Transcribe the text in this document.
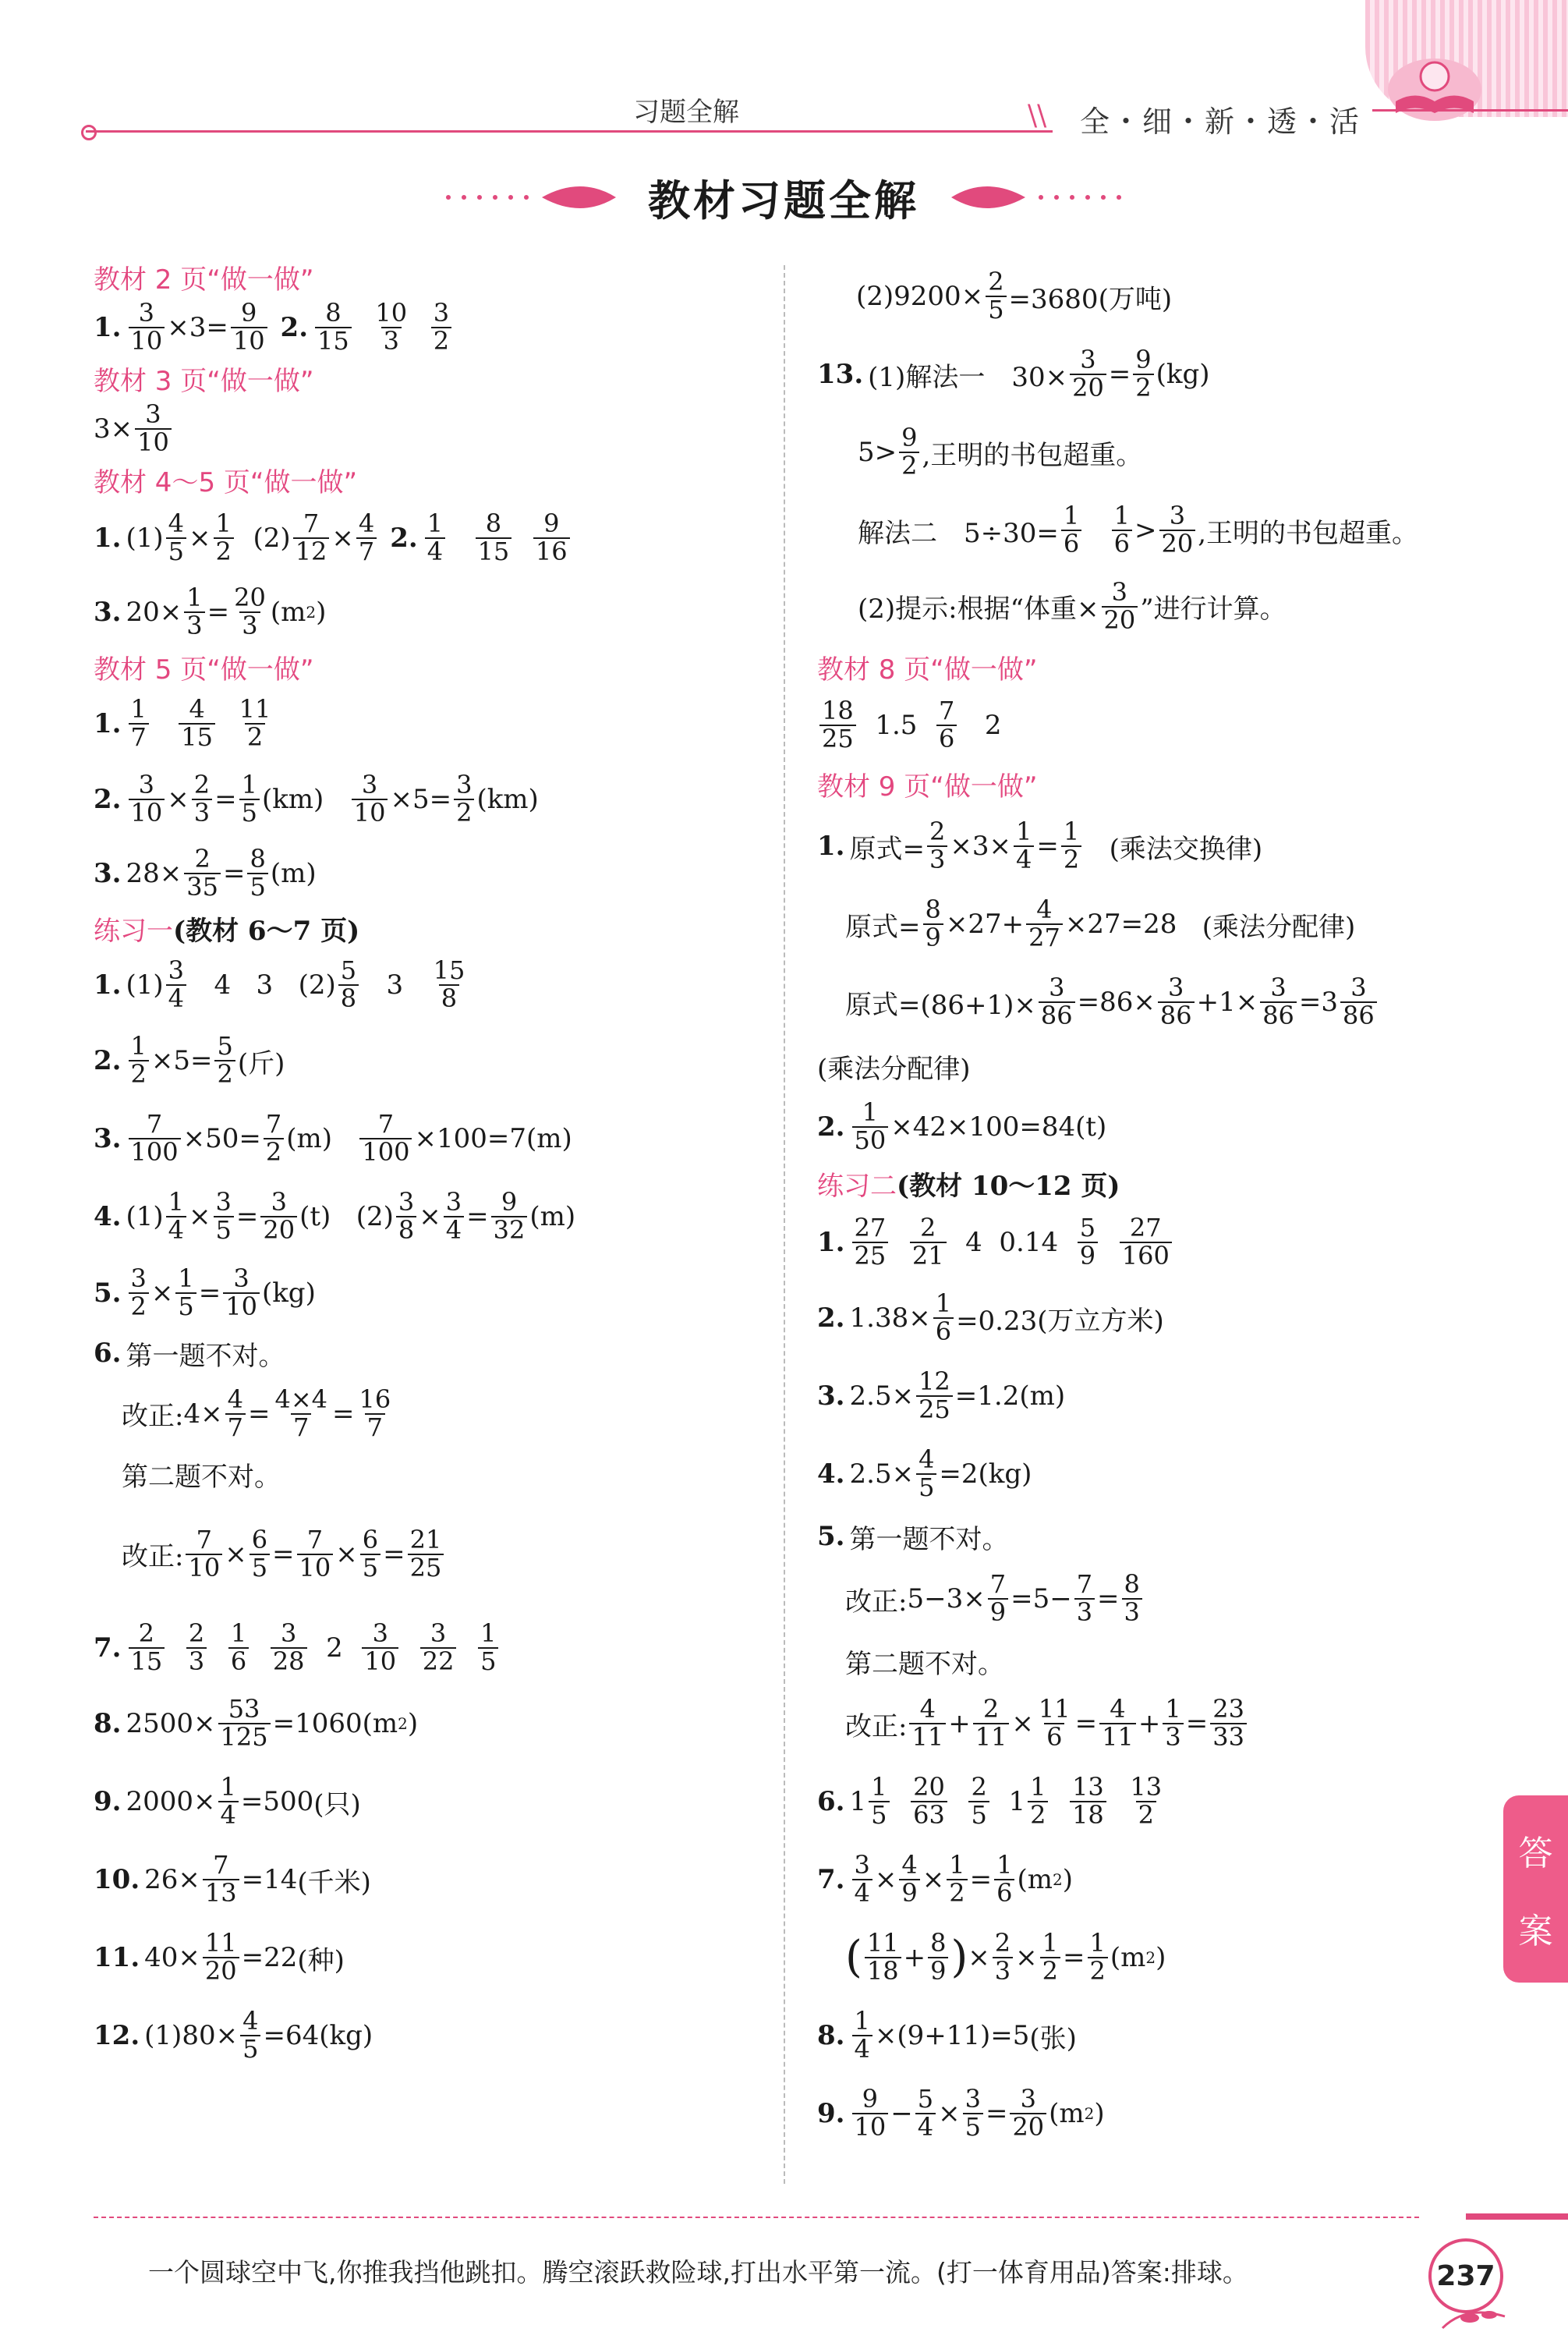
习题全解	\\ 全・细・新・透・活
教材习题全解
教材 2 页“做一做”
1. $\frac{3}{10} \times 3= \frac{9}{10} 2$. $\frac{8}{15}$
$\frac{10}{3}$
$\frac{3}{2}$
教材 3 页“做一做”
$3\times \frac{3}{10}$
教材 4～5 页“做一做”
1. $(1) \frac{4}{5} \times \frac{1}{2}$
$(2) \frac{7}{12} \times \frac{4}{7} 2$. $\frac{1}{4}$
$\frac{8}{15}$
$\frac{9}{16}$
3. $20\times \frac{1}{3} = \frac{20}{3} (m$ 2 )
教材 5 页“做一做”
1. $\frac{1}{7}$
$\frac{4}{15}$
$\frac{11}{2}$
2. $\frac{3}{10} \times \frac{2}{3} = \frac{1}{5} (km)$
$\frac{3}{10} \times 5= \frac{3}{2} (km)$
3. $28\times \frac{2}{35} = \frac{8}{5} (m)$
练习一 (教材 6～7 页)
1. $(1) \frac{3}{4} 4$   3 $(2) \frac{5}{8} 3 \frac{15}{8}$
2. $\frac{1}{2} \times 5= \frac{5}{2}$ (斤)
3. $\frac{7}{100} \times 50= \frac{7}{2} (m)$
$\frac{7}{100} \times 100=7$ (m)
4. $(1) \frac{1}{4} \times \frac{3}{5} = \frac{3}{20} (t)$
$(2) \frac{3}{8} \times \frac{3}{4} = \frac{9}{32} (m)$
5. $\frac{3}{2} \times \frac{1}{5} = \frac{3}{10} (kg)$
6. 第一题不对。
改正: $4\times \frac{4}{7} = \frac{4\times 4}{7} = \frac{16}{7}$
第二题不对。
改正: $\frac{7}{10} \times \frac{6}{5} = \frac{7}{10} \times \frac{6}{5} = \frac{21}{25}$
7. $\frac{2}{15}$
$\frac{2}{3}$
$\frac{1}{6}$
$\frac{3}{28} 2 \frac{3}{10}$
$\frac{3}{22}$
$\frac{1}{5}$
8. $2500\times \frac{53}{125} =1060$ (m 2 )
9. $2000\times \frac{1}{4} =500$ (只)
10. $26\times \frac{7}{13} =14$ (千米)
11. $40\times \frac{11}{20} =22$ (种)
12. (1) $80\times \frac{4}{5} =64$ (kg)
$(2)9200\times \frac{2}{5} =3680$(万吨)
13. (1)解法一　$30\times \frac{3}{20} = \frac{9}{2} (kg)$
$5> \frac{9}{2}$ ,王明的书包超重。
解法二　$5\div 30= \frac{1}{6}$
$\frac{1}{6} > \frac{3}{20}$ ,王明的书包超重。
(2)提示:根据“体重× $\frac{3}{20}$ ”进行计算。
教材 8 页“做一做”
$\frac{18}{25} 1.5 \frac{7}{6} 2$
教材 9 页“做一做”
1. 原式= $\frac{2}{3} \times 3\times \frac{1}{4} = \frac{1}{2}$
(乘法交换律)
原式= $\frac{8}{9} \times 27+ \frac{4}{27} \times 27=28$ (乘法分配律)
原式$=(86+1)\times \frac{3}{86} =86\times \frac{3}{86} +1\times \frac{3}{86} =3 \frac{3}{86}$
(乘法分配律)
2. $\frac{1}{50} \times 42\times 100=84(t)$
练习二 (教材 10～12 页)
1. $\frac{27}{25}$
$\frac{2}{21} 4$  $0.14 \frac{5}{9}$
$\frac{27}{160}$
2. $1.38\times \frac{1}{6} =0.23$(万立方米)
3. $2.5\times \frac{12}{25} =1.2(m)$
4. $2.5\times \frac{4}{5} =2(kg)$
5. 第一题不对。
改正: $5-3\times \frac{7}{9} =5- \frac{7}{3} = \frac{8}{3}$
第二题不对。
改正: $\frac{4}{11} + \frac{2}{11} \times \frac{11}{6} = \frac{4}{11} + \frac{1}{3} = \frac{23}{33}$
6. $1 \frac{1}{5}$
$\frac{20}{63}$
$\frac{2}{5} 1 \frac{1}{2}$
$\frac{13}{18}$
$\frac{13}{2}$
7. $\frac{3}{4} \times \frac{4}{9} \times \frac{1}{2} = \frac{1}{6} (m$ 2 )
( $\frac{11}{18} + \frac{8}{9}$ ) × $\frac{2}{3} \times \frac{1}{2} = \frac{1}{2} (m$ 2 )
8. $\frac{1}{4} \times(9+11)=5$ (张)
9. $\frac{9}{10} - \frac{5}{4} \times \frac{3}{5} = \frac{3}{20} (m$ 2 )
答
案
一个圆球空中飞,你推我挡他跳扣。腾空滚跃救险球,打出水平第一流。(打一体育用品)答案:排球。	237
